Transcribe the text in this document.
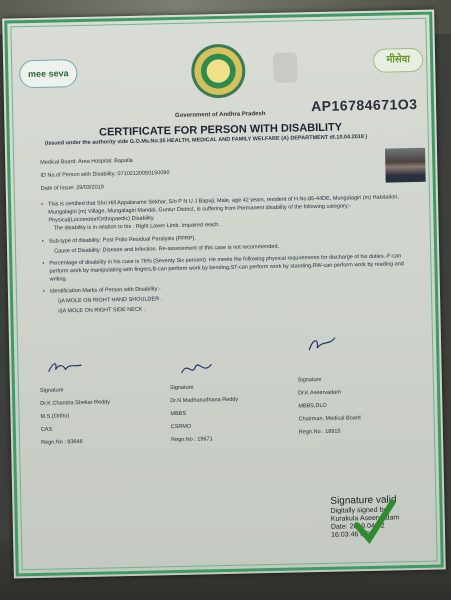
mee seva
मीसेवा
AP16784671O3
Government of Andhra Pradesh
CERTIFICATE FOR PERSON WITH DISABILITY
(Issued under the authority vide G.O.Ms.No.35 HEALTH, MEDICAL AND FAMILY WELFARE (A) DEPARTMENT dt.10.04.2018 )
Medical Board: Area Hospital, Bapatla
ID No.of Person with Disability: 07102120050150090
Date of Issue: 29/03/2019
• This is certified that Shri Hill Appalarame Sekhar, S/o P N U J Bapuji, Male, age 42 years, resident of H.No.85-44DE, Mungalagiri (m) Habitation, Mungalagiri (m) Village, Mungalagiri Mandal, Guntur District, is suffering from Permanent disability of the following category:- Physical(Locomotor/Orthopaedic) Disability.
The disability is in relation to his : Right Lower Limb. Impaired reach.
• Sub-type of disability: Post Polio Residual Paralysis (PPRP).
Cause of Disability: Disease and Infection. Re-assessment of this case is not recommended.
• Percentage of disability in his case is 76% (Seventy Six percent). He meets the following physical requirements for discharge of his duties.-F-can perform work by manipulating with fingers,B-can perform work by bending,ST-can perform work by standing,RW-can perform work by reading and writing.
• Identification Marks of Person with Disability:-
i)A MOLE ON RIGHT HAND SHOULDER .
ii)A MOLE ON RIGHT SIDE NECK .
Signature
Dr.K Chandra Shekar Reddy
M.S.(Ortho)
CAS
Regn.No : 83646
Signature
Dr.N Madhusudhana Reddy
MBBS
CSRMO
Regn.No : 19671
Signature
Dr.K Aseervadam
MBBS,DLO
Chairman, Medical Board
Regn.No : 18915
Signature valid
Digitally signed by
Kurakula Aseervadam
Date: 2019.04.02
16:03:46 PDT
